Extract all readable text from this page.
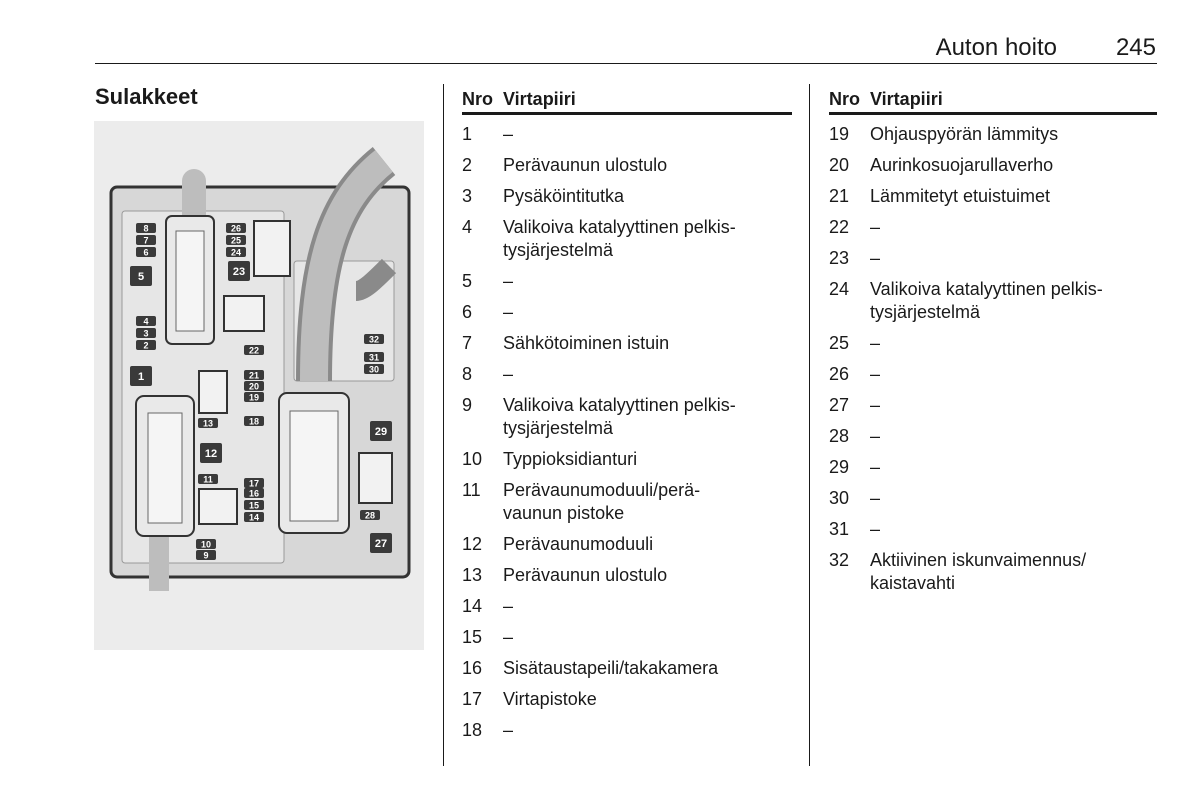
Auton hoito 245
Sulakkeet
1
2
3
4
5
6
7
8
9
10
11
12
13
14
15
16
17
18
19
20
21
22
23
24
25
26
27
28
29
30
31
32
Nro Virtapiiri
1	–
2	Perävaunun ulostulo
3	Pysäköintitutka
4	Valikoiva katalyyttinen pelkis-
tysjärjestelmä
5	–
6	–
7	Sähkötoiminen istuin
8	–
9	Valikoiva katalyyttinen pelkis-
tysjärjestelmä
10	Typpioksidianturi
11	Perävaunumoduuli/perä-
vaunun pistoke
12	Perävaunumoduuli
13	Perävaunun ulostulo
14	–
15	–
16	Sisätaustapeili/takakamera
17	Virtapistoke
18	–
Nro Virtapiiri
19	Ohjauspyörän lämmitys
20	Aurinkosuojarullaverho
21	Lämmitetyt etuistuimet
22	–
23	–
24	Valikoiva katalyyttinen pelkis-
tysjärjestelmä
25	–
26	–
27	–
28	–
29	–
30	–
31	–
32	Aktiivinen iskunvaimennus/
kaistavahti
